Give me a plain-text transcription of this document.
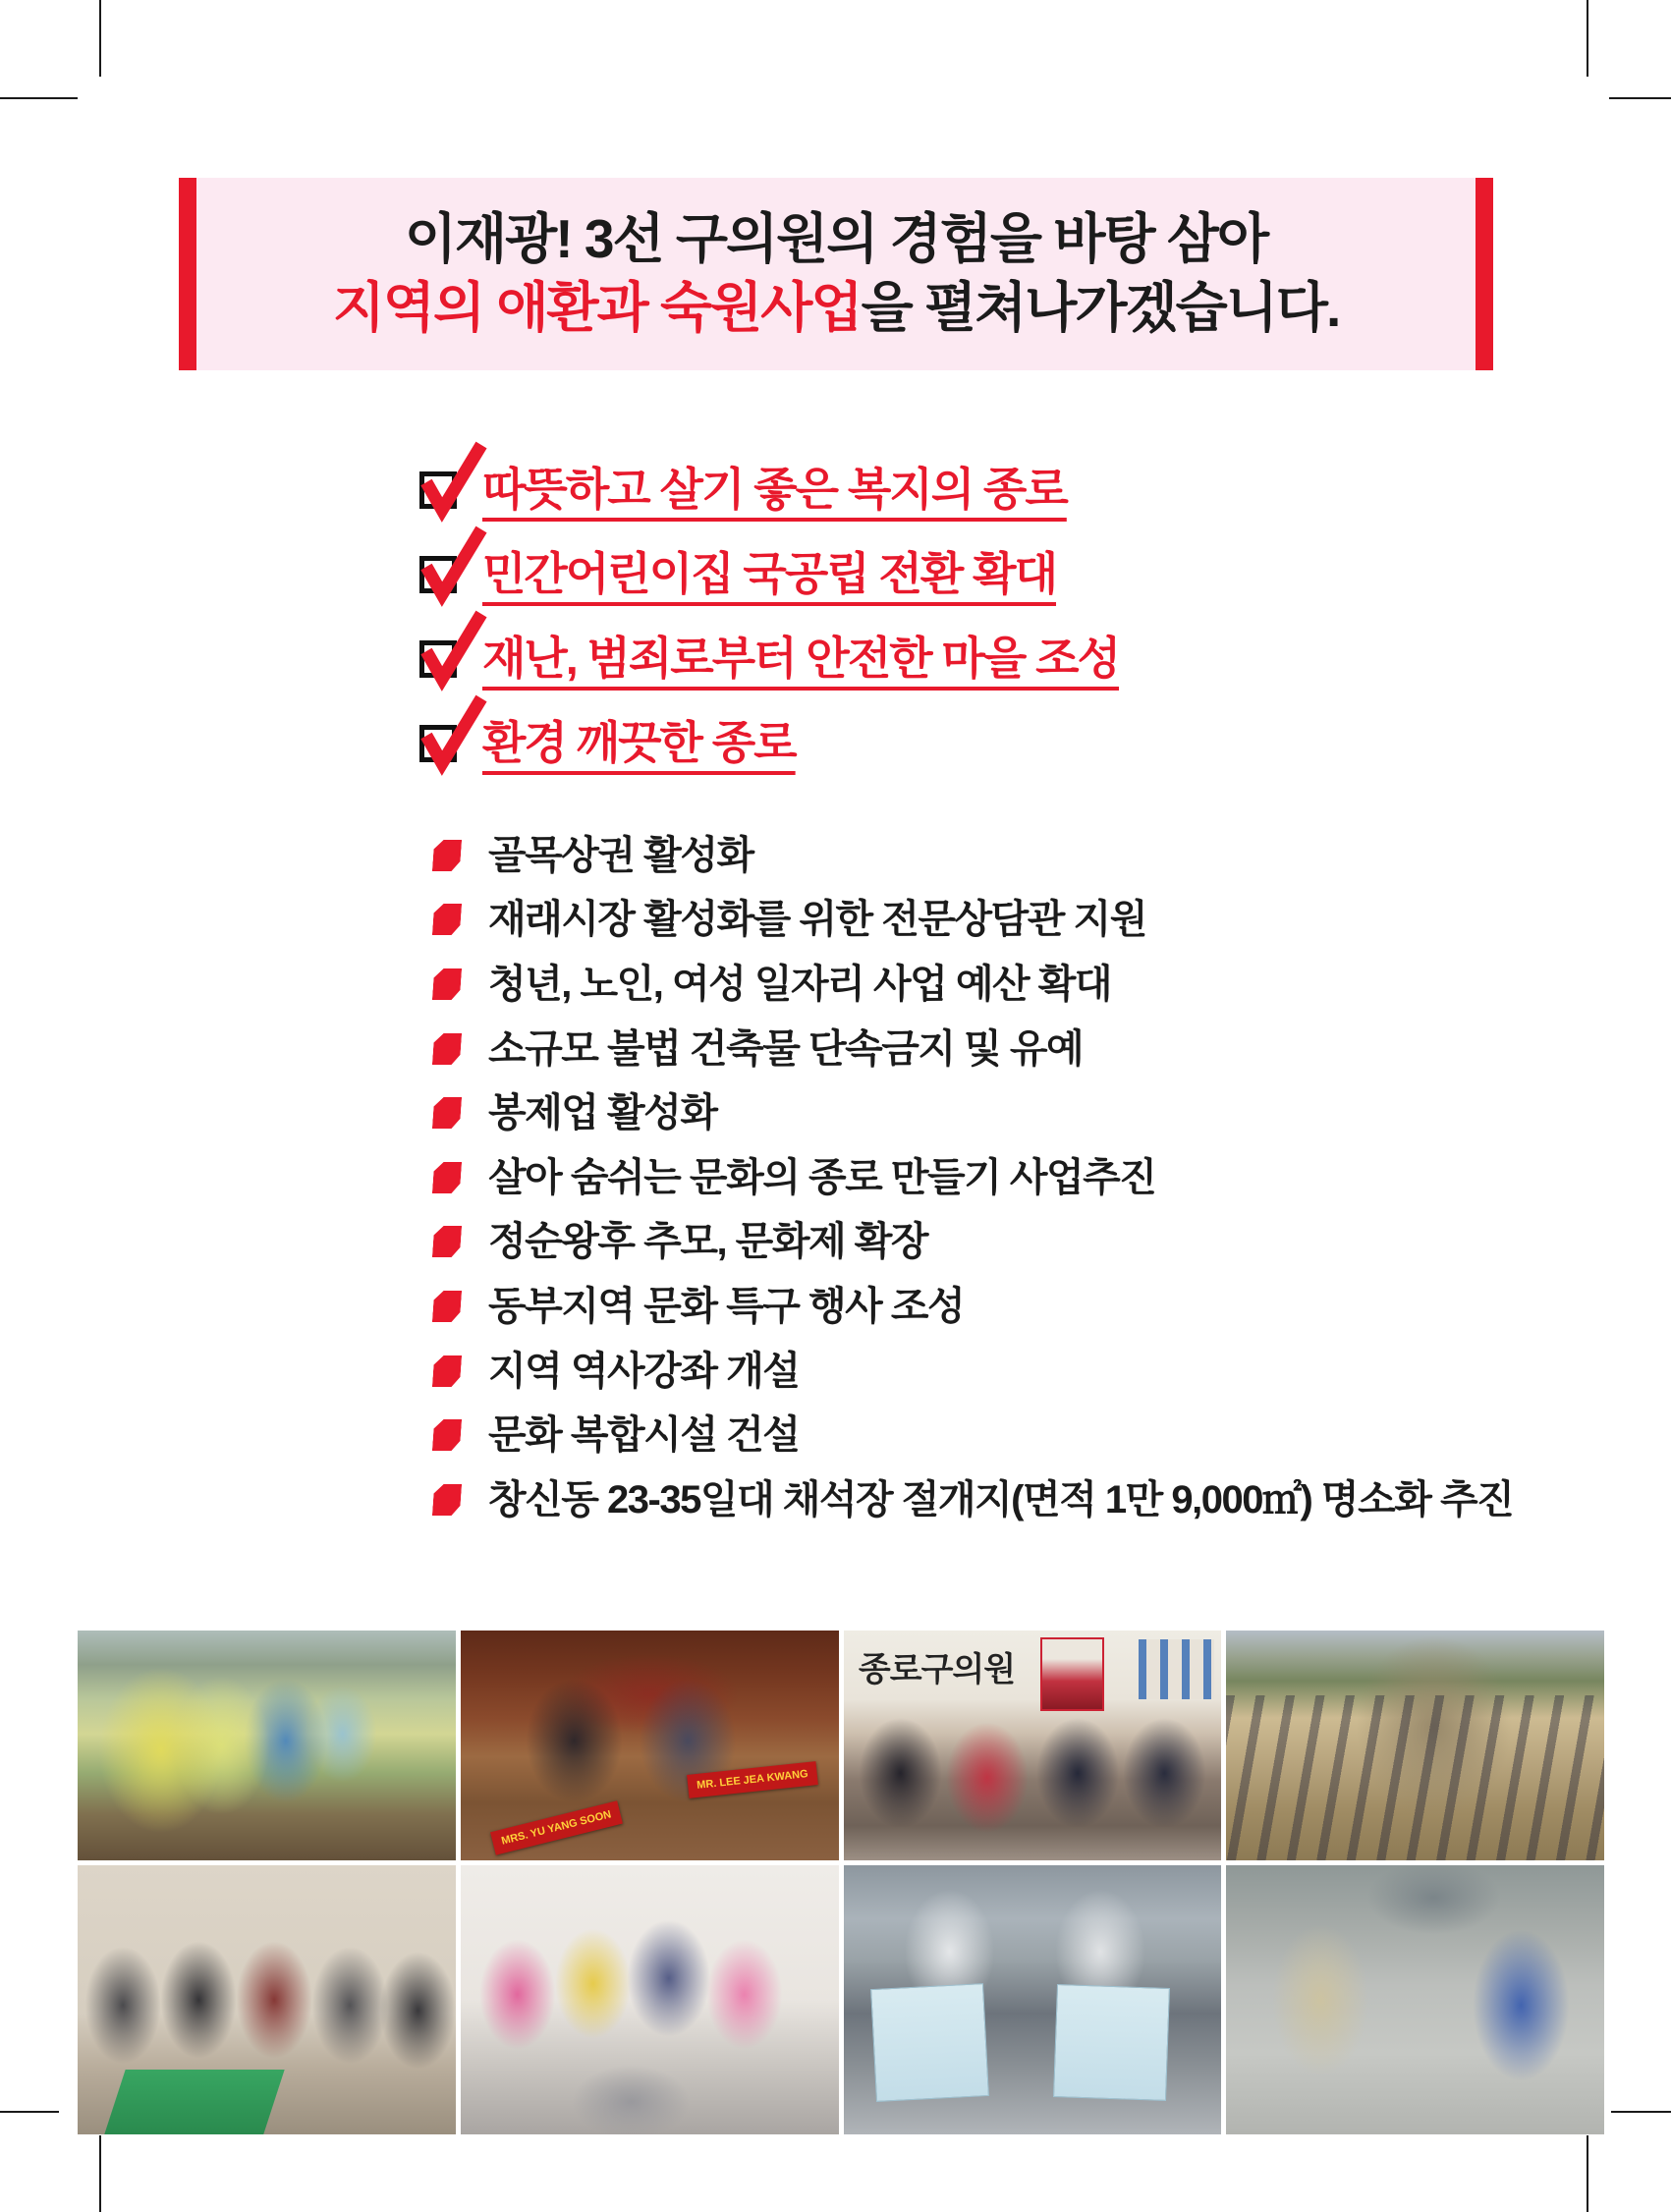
이재광! 3선 구의원의 경험을 바탕 삼아
지역의 애환과 숙원사업을 펼쳐나가겠습니다.
따뜻하고 살기 좋은 복지의 종로
민간어린이집 국공립 전환 확대
재난, 범죄로부터 안전한 마을 조성
환경 깨끗한 종로
골목상권 활성화
재래시장 활성화를 위한 전문상담관 지원
청년, 노인, 여성 일자리 사업 예산 확대
소규모 불법 건축물 단속금지 및 유예
봉제업 활성화
살아 숨쉬는 문화의 종로 만들기 사업추진
정순왕후 추모, 문화제 확장
동부지역 문화 특구 행사 조성
지역 역사강좌 개설
문화 복합시설 건설
창신동 23-35일대 채석장 절개지(면적 1만 9,000㎡) 명소화 추진
MRS. YU YANG SOON
MR. LEE JEA KWANG
종로구의원
